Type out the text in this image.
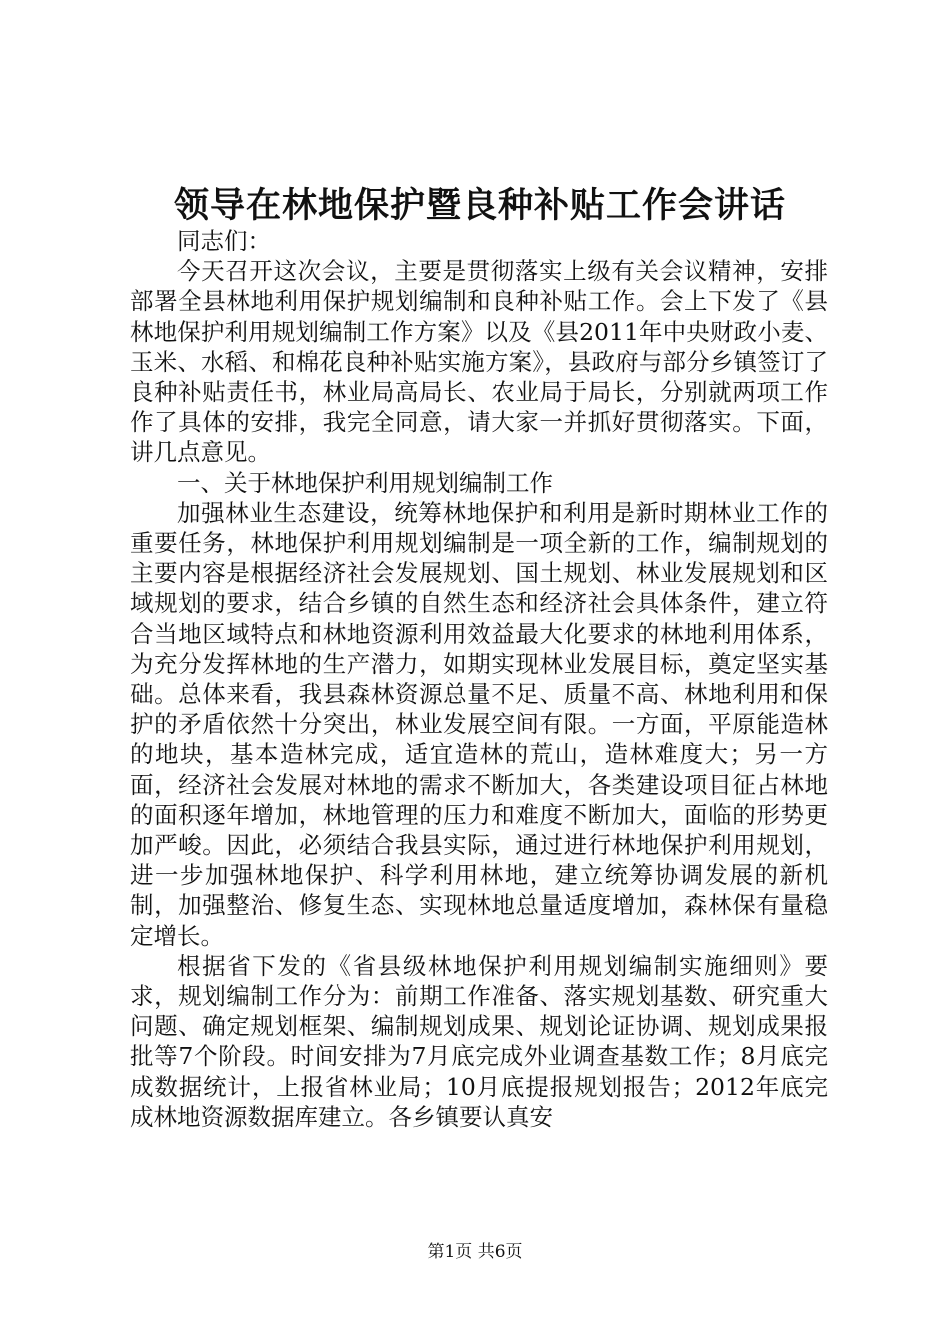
领导在林地保护暨良种补贴工作会讲话

同志们：

今天召开这次会议，主要是贯彻落实上级有关会议精神，安排部署全县林地利用保护规划编制和良种补贴工作。会上下发了《县林地保护利用规划编制工作方案》以及《县2011年中央财政小麦、玉米、水稻、和棉花良种补贴实施方案》，县政府与部分乡镇签订了良种补贴责任书，林业局高局长、农业局于局长，分别就两项工作作了具体的安排，我完全同意，请大家一并抓好贯彻落实。下面，讲几点意见。

一、关于林地保护利用规划编制工作

加强林业生态建设，统筹林地保护和利用是新时期林业工作的重要任务，林地保护利用规划编制是一项全新的工作，编制规划的主要内容是根据经济社会发展规划、国土规划、林业发展规划和区域规划的要求，结合乡镇的自然生态和经济社会具体条件，建立符合当地区域特点和林地资源利用效益最大化要求的林地利用体系，为充分发挥林地的生产潜力，如期实现林业发展目标，奠定坚实基础。总体来看，我县森林资源总量不足、质量不高、林地利用和保护的矛盾依然十分突出，林业发展空间有限。一方面，平原能造林的地块，基本造林完成，适宜造林的荒山，造林难度大；另一方面，经济社会发展对林地的需求不断加大，各类建设项目征占林地的面积逐年增加，林地管理的压力和难度不断加大，面临的形势更加严峻。因此，必须结合我县实际，通过进行林地保护利用规划，进一步加强林地保护、科学利用林地，建立统筹协调发展的新机制，加强整治、修复生态、实现林地总量适度增加，森林保有量稳定增长。

根据省下发的《省县级林地保护利用规划编制实施细则》要求，规划编制工作分为：前期工作准备、落实规划基数、研究重大问题、确定规划框架、编制规划成果、规划论证协调、规划成果报批等7个阶段。时间安排为7月底完成外业调查基数工作；8月底完成数据统计，上报省林业局；10月底提报规划报告；2012年底完成林地资源数据库建立。各乡镇要认真安

第1页 共6页
